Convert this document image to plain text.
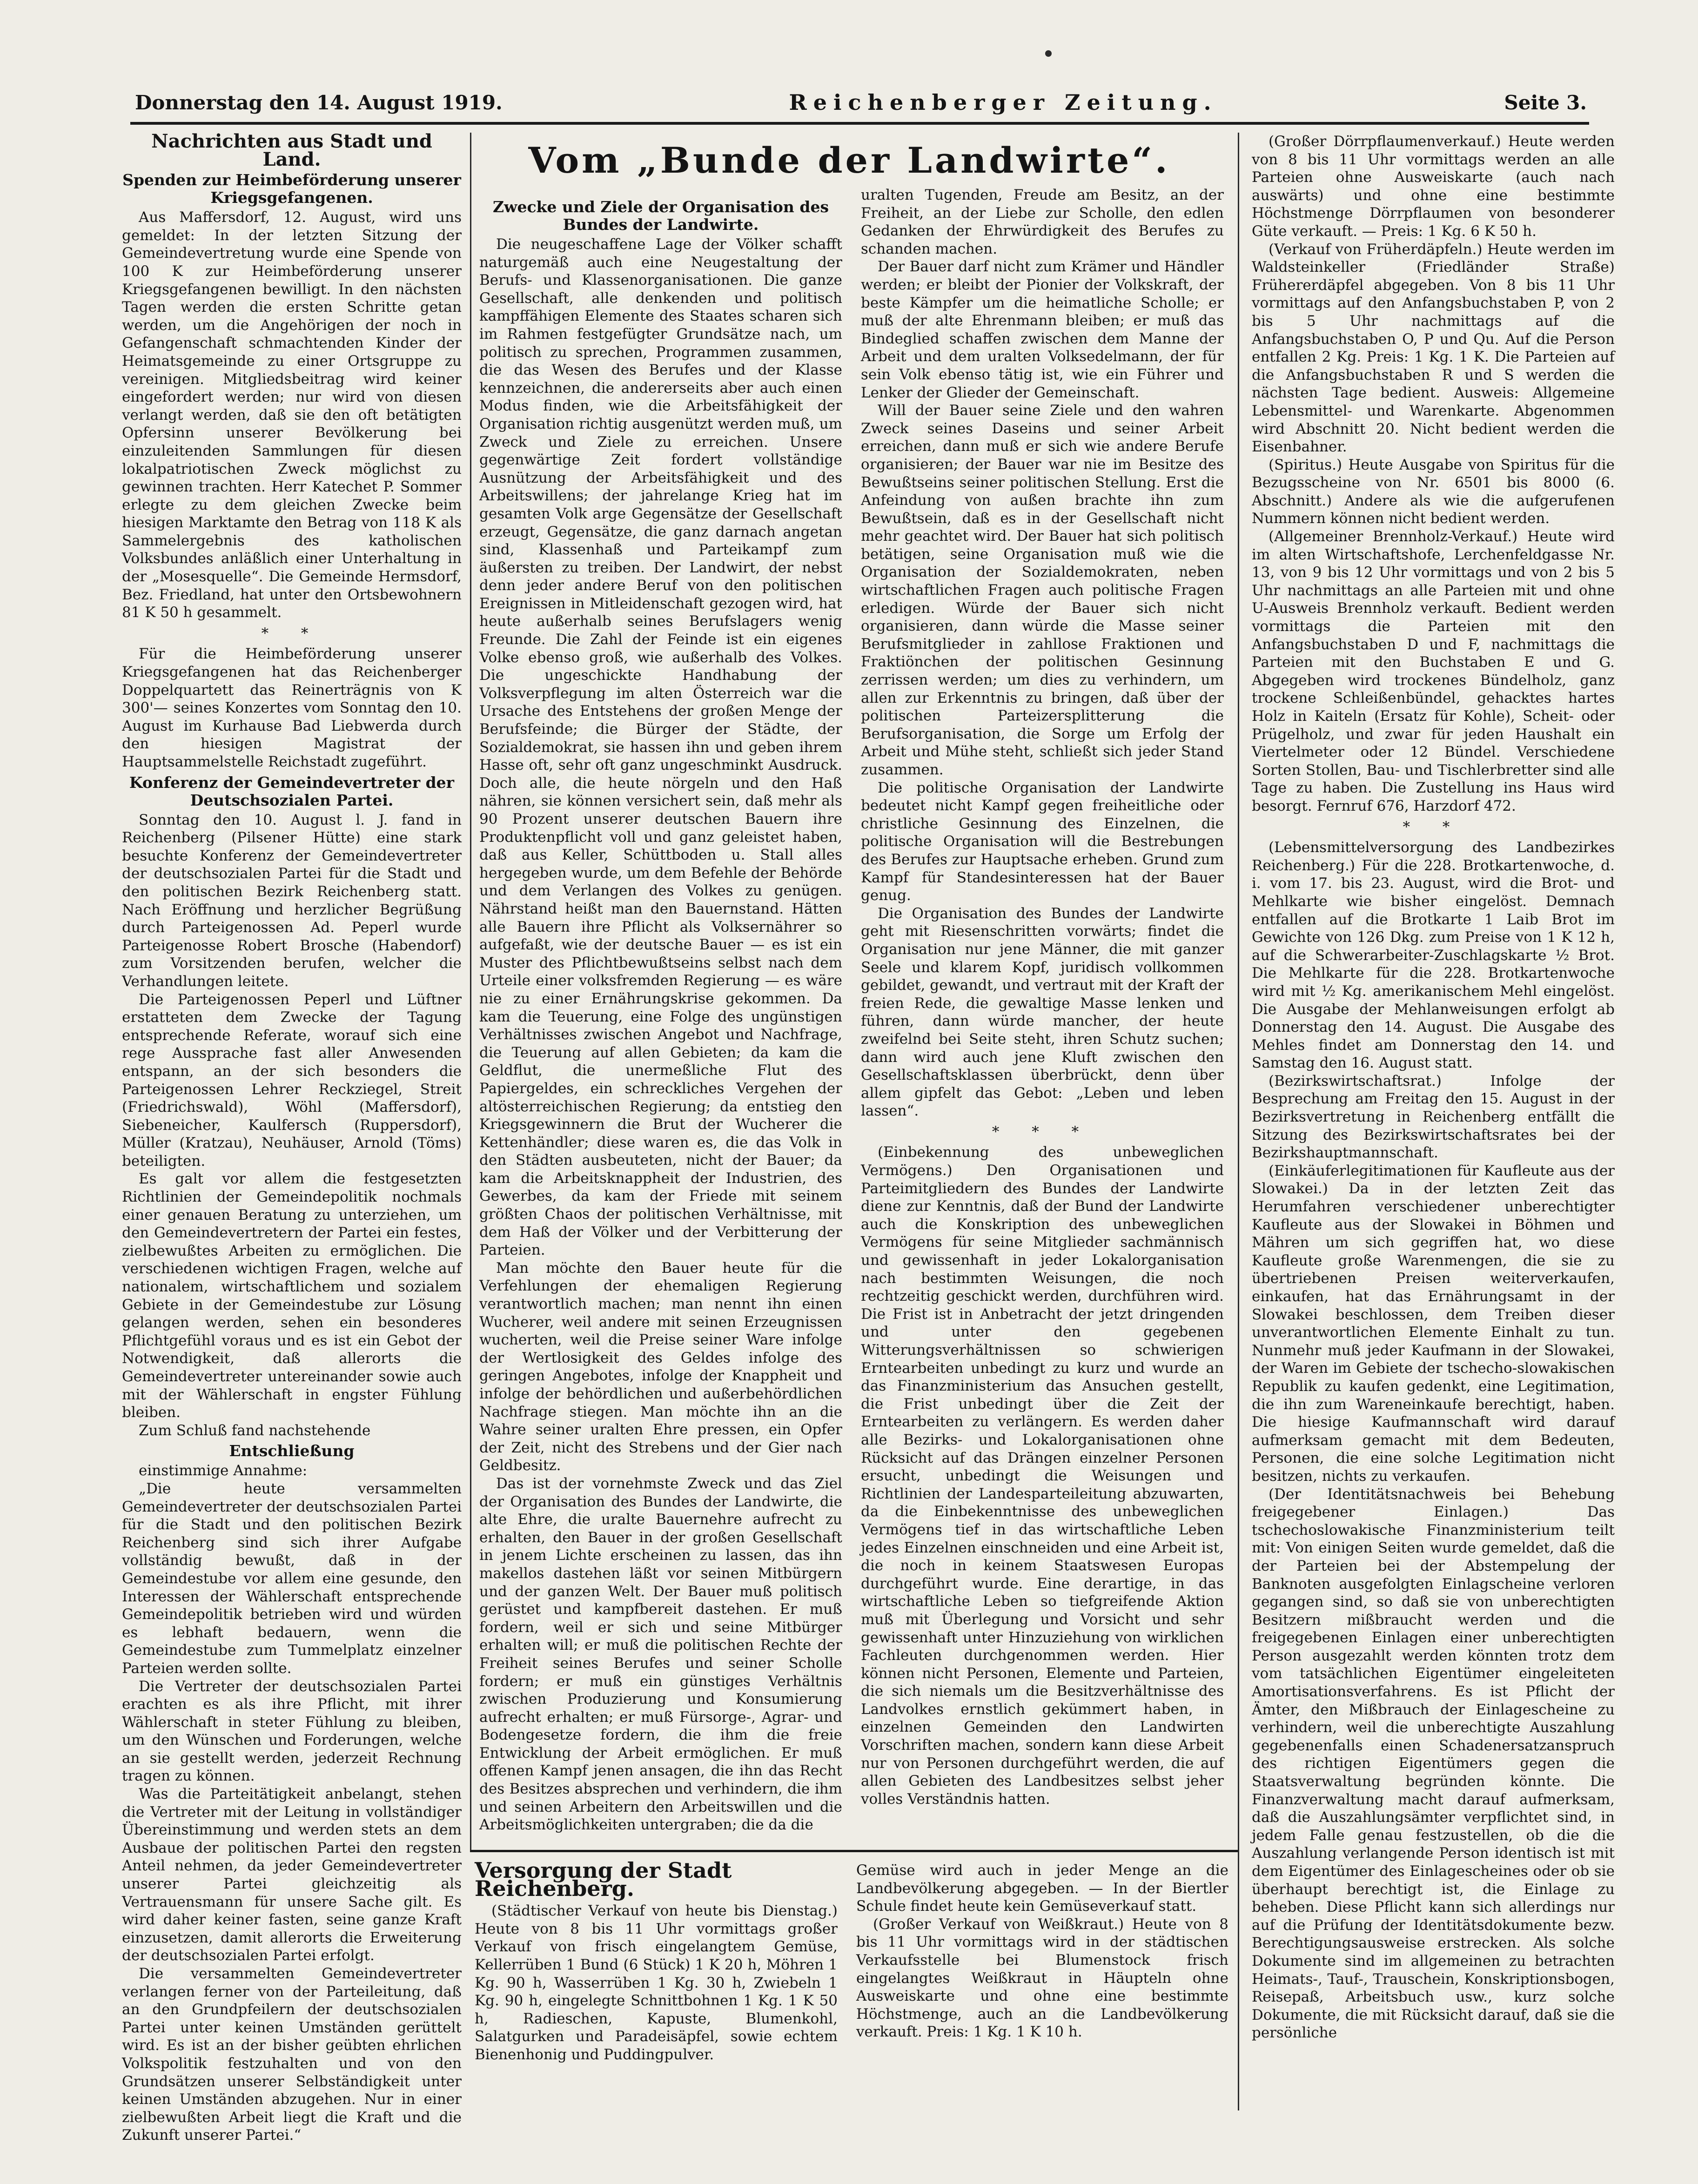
Donnerstag den 14. August 1919.	Reichenberger Zeitung.	Seite 3.
Nachrichten aus Stadt und Land.
Spenden zur Heimbeförderung unserer Kriegsgefangenen.

Aus Maffersdorf, 12. August, wird uns gemeldet: In der letzten Sitzung der Gemeindevertretung wurde eine Spende von 100 K zur Heimbeförderung unserer Kriegsgefangenen bewilligt. In den nächsten Tagen werden die ersten Schritte getan werden, um die Angehörigen der noch in Gefangenschaft schmachtenden Kinder der Heimatsgemeinde zu einer Ortsgruppe zu vereinigen. Mitgliedsbeitrag wird keiner eingefordert werden; nur wird von diesen verlangt werden, daß sie den oft betätigten Opfersinn unserer Bevölkerung bei einzuleitenden Sammlungen für diesen lokalpatriotischen Zweck möglichst zu gewinnen trachten. Herr Katechet P. Sommer erlegte zu dem gleichen Zwecke beim hiesigen Marktamte den Betrag von 118 K als Sammelergebnis des katholischen Volksbundes anläßlich einer Unterhaltung in der „Mosesquelle“. Die Gemeinde Hermsdorf, Bez. Friedland, hat unter den Ortsbewohnern 81 K 50 h gesammelt.

* *

Für die Heimbeförderung unserer Kriegsgefangenen hat das Reichenberger Doppelquartett das Reinerträgnis von K 300'— seines Konzertes vom Sonntag den 10. August im Kurhause Bad Liebwerda durch den hiesigen Magistrat der Hauptsammelstelle Reichstadt zugeführt.

Konferenz der Gemeindevertreter der Deutschsozialen Partei.

Sonntag den 10. August l. J. fand in Reichenberg (Pilsener Hütte) eine stark besuchte Konferenz der Gemeindevertreter der deutschsozialen Partei für die Stadt und den politischen Bezirk Reichenberg statt. Nach Eröffnung und herzlicher Begrüßung durch Parteigenossen Ad. Peperl wurde Parteigenosse Robert Brosche (Habendorf) zum Vorsitzenden berufen, welcher die Verhandlungen leitete.

Die Parteigenossen Peperl und Lüftner erstatteten dem Zwecke der Tagung entsprechende Referate, worauf sich eine rege Aussprache fast aller Anwesenden entspann, an der sich besonders die Parteigenossen Lehrer Reckziegel, Streit (Friedrichswald), Wöhl (Maffersdorf), Siebeneicher, Kaulfersch (Ruppersdorf), Müller (Kratzau), Neuhäuser, Arnold (Töms) beteiligten.

Es galt vor allem die festgesetzten Richtlinien der Gemeindepolitik nochmals einer genauen Beratung zu unterziehen, um den Gemeindevertretern der Partei ein festes, zielbewußtes Arbeiten zu ermöglichen. Die verschiedenen wichtigen Fragen, welche auf nationalem, wirtschaftlichem und sozialem Gebiete in der Gemeindestube zur Lösung gelangen werden, sehen ein besonderes Pflichtgefühl voraus und es ist ein Gebot der Notwendigkeit, daß allerorts die Gemeindevertreter untereinander sowie auch mit der Wählerschaft in engster Fühlung bleiben.

Zum Schluß fand nachstehende

Entschließung

einstimmige Annahme:

„Die heute versammelten Gemeindevertreter der deutschsozialen Partei für die Stadt und den politischen Bezirk Reichenberg sind sich ihrer Aufgabe vollständig bewußt, daß in der Gemeindestube vor allem eine gesunde, den Interessen der Wählerschaft entsprechende Gemeindepolitik betrieben wird und würden es lebhaft bedauern, wenn die Gemeindestube zum Tummelplatz einzelner Parteien werden sollte.

Die Vertreter der deutschsozialen Partei erachten es als ihre Pflicht, mit ihrer Wählerschaft in steter Fühlung zu bleiben, um den Wünschen und Forderungen, welche an sie gestellt werden, jederzeit Rechnung tragen zu können.

Was die Parteitätigkeit anbelangt, stehen die Vertreter mit der Leitung in vollständiger Übereinstimmung und werden stets an dem Ausbaue der politischen Partei den regsten Anteil nehmen, da jeder Gemeindevertreter unserer Partei gleichzeitig als Vertrauensmann für unsere Sache gilt. Es wird daher keiner fasten, seine ganze Kraft einzusetzen, damit allerorts die Erweiterung der deutschsozialen Partei erfolgt.

Die versammelten Gemeindevertreter verlangen ferner von der Parteileitung, daß an den Grundpfeilern der deutschsozialen Partei unter keinen Umständen gerüttelt wird. Es ist an der bisher geübten ehrlichen Volkspolitik festzuhalten und von den Grundsätzen unserer Selbständigkeit unter keinen Umständen abzugehen. Nur in einer zielbewußten Arbeit liegt die Kraft und die Zukunft unserer Partei.“

Vom „Bunde der Landwirte“.
Zwecke und Ziele der Organisation des Bundes der Landwirte.

Die neugeschaffene Lage der Völker schafft naturgemäß auch eine Neugestaltung der Berufs- und Klassenorganisationen. Die ganze Gesellschaft, alle denkenden und politisch kampffähigen Elemente des Staates scharen sich im Rahmen festgefügter Grundsätze nach, um politisch zu sprechen, Programmen zusammen, die das Wesen des Berufes und der Klasse kennzeichnen, die andererseits aber auch einen Modus finden, wie die Arbeitsfähigkeit der Organisation richtig ausgenützt werden muß, um Zweck und Ziele zu erreichen. Unsere gegenwärtige Zeit fordert vollständige Ausnützung der Arbeitsfähigkeit und des Arbeitswillens; der jahrelange Krieg hat im gesamten Volk arge Gegensätze der Gesellschaft erzeugt, Gegensätze, die ganz darnach angetan sind, Klassenhaß und Parteikampf zum äußersten zu treiben. Der Landwirt, der nebst denn jeder andere Beruf von den politischen Ereignissen in Mitleidenschaft gezogen wird, hat heute außerhalb seines Berufslagers wenig Freunde. Die Zahl der Feinde ist ein eigenes Volke ebenso groß, wie außerhalb des Volkes. Die ungeschickte Handhabung der Volksverpflegung im alten Österreich war die Ursache des Entstehens der großen Menge der Berufsfeinde; die Bürger der Städte, der Sozialdemokrat, sie hassen ihn und geben ihrem Hasse oft, sehr oft ganz ungeschminkt Ausdruck. Doch alle, die heute nörgeln und den Haß nähren, sie können versichert sein, daß mehr als 90 Prozent unserer deutschen Bauern ihre Produktenpflicht voll und ganz geleistet haben, daß aus Keller, Schüttboden u. Stall alles hergegeben wurde, um dem Befehle der Behörde und dem Verlangen des Volkes zu genügen. Nährstand heißt man den Bauernstand. Hätten alle Bauern ihre Pflicht als Volksernährer so aufgefaßt, wie der deutsche Bauer — es ist ein Muster des Pflichtbewußtseins selbst nach dem Urteile einer volksfremden Regierung — es wäre nie zu einer Ernährungskrise gekommen. Da kam die Teuerung, eine Folge des ungünstigen Verhältnisses zwischen Angebot und Nachfrage, die Teuerung auf allen Gebieten; da kam die Geldflut, die unermeßliche Flut des Papiergeldes, ein schreckliches Vergehen der altösterreichischen Regierung; da entstieg den Kriegsgewinnern die Brut der Wucherer die Kettenhändler; diese waren es, die das Volk in den Städten ausbeuteten, nicht der Bauer; da kam die Arbeitsknappheit der Industrien, des Gewerbes, da kam der Friede mit seinem größten Chaos der politischen Verhältnisse, mit dem Haß der Völker und der Verbitterung der Parteien.

Man möchte den Bauer heute für die Verfehlungen der ehemaligen Regierung verantwortlich machen; man nennt ihn einen Wucherer, weil andere mit seinen Erzeugnissen wucherten, weil die Preise seiner Ware infolge der Wertlosigkeit des Geldes infolge des geringen Angebotes, infolge der Knappheit und infolge der behördlichen und außerbehördlichen Nachfrage stiegen. Man möchte ihn an die Wahre seiner uralten Ehre pressen, ein Opfer der Zeit, nicht des Strebens und der Gier nach Geldbesitz.

Das ist der vornehmste Zweck und das Ziel der Organisation des Bundes der Landwirte, die alte Ehre, die uralte Bauernehre aufrecht zu erhalten, den Bauer in der großen Gesellschaft in jenem Lichte erscheinen zu lassen, das ihn makellos dastehen läßt vor seinen Mitbürgern und der ganzen Welt. Der Bauer muß politisch gerüstet und kampfbereit dastehen. Er muß fordern, weil er sich und seine Mitbürger erhalten will; er muß die politischen Rechte der Freiheit seines Berufes und seiner Scholle fordern; er muß ein günstiges Verhältnis zwischen Produzierung und Konsumierung aufrecht erhalten; er muß Fürsorge-, Agrar- und Bodengesetze fordern, die ihm die freie Entwicklung der Arbeit ermöglichen. Er muß offenen Kampf jenen ansagen, die ihn das Recht des Besitzes absprechen und verhindern, die ihm und seinen Arbeitern den Arbeitswillen und die Arbeitsmöglichkeiten untergraben; die da die

uralten Tugenden, Freude am Besitz, an der Freiheit, an der Liebe zur Scholle, den edlen Gedanken der Ehrwürdigkeit des Berufes zu schanden machen.

Der Bauer darf nicht zum Krämer und Händler werden; er bleibt der Pionier der Volkskraft, der beste Kämpfer um die heimatliche Scholle; er muß der alte Ehrenmann bleiben; er muß das Bindeglied schaffen zwischen dem Manne der Arbeit und dem uralten Volksedelmann, der für sein Volk ebenso tätig ist, wie ein Führer und Lenker der Glieder der Gemeinschaft.

Will der Bauer seine Ziele und den wahren Zweck seines Daseins und seiner Arbeit erreichen, dann muß er sich wie andere Berufe organisieren; der Bauer war nie im Besitze des Bewußtseins seiner politischen Stellung. Erst die Anfeindung von außen brachte ihn zum Bewußtsein, daß es in der Gesellschaft nicht mehr geachtet wird. Der Bauer hat sich politisch betätigen, seine Organisation muß wie die Organisation der Sozialdemokraten, neben wirtschaftlichen Fragen auch politische Fragen erledigen. Würde der Bauer sich nicht organisieren, dann würde die Masse seiner Berufsmitglieder in zahllose Fraktionen und Fraktiönchen der politischen Gesinnung zerrissen werden; um dies zu verhindern, um allen zur Erkenntnis zu bringen, daß über der politischen Parteizersplitterung die Berufsorganisation, die Sorge um Erfolg der Arbeit und Mühe steht, schließt sich jeder Stand zusammen.

Die politische Organisation der Landwirte bedeutet nicht Kampf gegen freiheitliche oder christliche Gesinnung des Einzelnen, die politische Organisation will die Bestrebungen des Berufes zur Hauptsache erheben. Grund zum Kampf für Standesinteressen hat der Bauer genug.

Die Organisation des Bundes der Landwirte geht mit Riesenschritten vorwärts; findet die Organisation nur jene Männer, die mit ganzer Seele und klarem Kopf, juridisch vollkommen gebildet, gewandt, und vertraut mit der Kraft der freien Rede, die gewaltige Masse lenken und führen, dann würde mancher, der heute zweifelnd bei Seite steht, ihren Schutz suchen; dann wird auch jene Kluft zwischen den Gesellschaftsklassen überbrückt, denn über allem gipfelt das Gebot: „Leben und leben lassen“.

* * *

(Einbekennung des unbeweglichen Vermögens.) Den Organisationen und Parteimitgliedern des Bundes der Landwirte diene zur Kenntnis, daß der Bund der Landwirte auch die Konskription des unbeweglichen Vermögens für seine Mitglieder sachmännisch und gewissenhaft in jeder Lokalorganisation nach bestimmten Weisungen, die noch rechtzeitig geschickt werden, durchführen wird. Die Frist ist in Anbetracht der jetzt dringenden und unter den gegebenen Witterungsverhältnissen so schwierigen Erntearbeiten unbedingt zu kurz und wurde an das Finanzministerium das Ansuchen gestellt, die Frist unbedingt über die Zeit der Erntearbeiten zu verlängern. Es werden daher alle Bezirks- und Lokalorganisationen ohne Rücksicht auf das Drängen einzelner Personen ersucht, unbedingt die Weisungen und Richtlinien der Landesparteileitung abzuwarten, da die Einbekenntnisse des unbeweglichen Vermögens tief in das wirtschaftliche Leben jedes Einzelnen einschneiden und eine Arbeit ist, die noch in keinem Staatswesen Europas durchgeführt wurde. Eine derartige, in das wirtschaftliche Leben so tiefgreifende Aktion muß mit Überlegung und Vorsicht und sehr gewissenhaft unter Hinzuziehung von wirklichen Fachleuten durchgenommen werden. Hier können nicht Personen, Elemente und Parteien, die sich niemals um die Besitzverhältnisse des Landvolkes ernstlich gekümmert haben, in einzelnen Gemeinden den Landwirten Vorschriften machen, sondern kann diese Arbeit nur von Personen durchgeführt werden, die auf allen Gebieten des Landbesitzes selbst jeher volles Verständnis hatten.

(Großer Dörrpflaumenverkauf.) Heute werden von 8 bis 11 Uhr vormittags werden an alle Parteien ohne Ausweiskarte (auch nach auswärts) und ohne eine bestimmte Höchstmenge Dörrpflaumen von besonderer Güte verkauft. — Preis: 1 Kg. 6 K 50 h.

(Verkauf von Früherdäpfeln.) Heute werden im Waldsteinkeller (Friedländer Straße) Frühererdäpfel abgegeben. Von 8 bis 11 Uhr vormittags auf den Anfangsbuchstaben P, von 2 bis 5 Uhr nachmittags auf die Anfangsbuchstaben O, P und Qu. Auf die Person entfallen 2 Kg. Preis: 1 Kg. 1 K. Die Parteien auf die Anfangsbuchstaben R und S werden die nächsten Tage bedient. Ausweis: Allgemeine Lebensmittel- und Warenkarte. Abgenommen wird Abschnitt 20. Nicht bedient werden die Eisenbahner.

(Spiritus.) Heute Ausgabe von Spiritus für die Bezugsscheine von Nr. 6501 bis 8000 (6. Abschnitt.) Andere als wie die aufgerufenen Nummern können nicht bedient werden.

(Allgemeiner Brennholz-Verkauf.) Heute wird im alten Wirtschaftshofe, Lerchenfeldgasse Nr. 13, von 9 bis 12 Uhr vormittags und von 2 bis 5 Uhr nachmittags an alle Parteien mit und ohne U-Ausweis Brennholz verkauft. Bedient werden vormittags die Parteien mit den Anfangsbuchstaben D und F, nachmittags die Parteien mit den Buchstaben E und G. Abgegeben wird trockenes Bündelholz, ganz trockene Schleißenbündel, gehacktes hartes Holz in Kaiteln (Ersatz für Kohle), Scheit- oder Prügelholz, und zwar für jeden Haushalt ein Viertelmeter oder 12 Bündel. Verschiedene Sorten Stollen, Bau- und Tischlerbretter sind alle Tage zu haben. Die Zustellung ins Haus wird besorgt. Fernruf 676, Harzdorf 472.

* *

(Lebensmittelversorgung des Landbezirkes Reichenberg.) Für die 228. Brotkartenwoche, d. i. vom 17. bis 23. August, wird die Brot- und Mehlkarte wie bisher eingelöst. Demnach entfallen auf die Brotkarte 1 Laib Brot im Gewichte von 126 Dkg. zum Preise von 1 K 12 h, auf die Schwerarbeiter-Zuschlagskarte ½ Brot. Die Mehlkarte für die 228. Brotkartenwoche wird mit ½ Kg. amerikanischem Mehl eingelöst. Die Ausgabe der Mehlanweisungen erfolgt ab Donnerstag den 14. August. Die Ausgabe des Mehles findet am Donnerstag den 14. und Samstag den 16. August statt.

(Bezirkswirtschaftsrat.) Infolge der Besprechung am Freitag den 15. August in der Bezirksvertretung in Reichenberg entfällt die Sitzung des Bezirkswirtschaftsrates bei der Bezirkshauptmannschaft.

(Einkäuferlegitimationen für Kaufleute aus der Slowakei.) Da in der letzten Zeit das Herumfahren verschiedener unberechtigter Kaufleute aus der Slowakei in Böhmen und Mähren um sich gegriffen hat, wo diese Kaufleute große Warenmengen, die sie zu übertriebenen Preisen weiterverkaufen, einkaufen, hat das Ernährungsamt in der Slowakei beschlossen, dem Treiben dieser unverantwortlichen Elemente Einhalt zu tun. Nunmehr muß jeder Kaufmann in der Slowakei, der Waren im Gebiete der tschecho-slowakischen Republik zu kaufen gedenkt, eine Legitimation, die ihn zum Wareneinkaufe berechtigt, haben. Die hiesige Kaufmannschaft wird darauf aufmerksam gemacht mit dem Bedeuten, Personen, die eine solche Legitimation nicht besitzen, nichts zu verkaufen.

(Der Identitätsnachweis bei Behebung freigegebener Einlagen.) Das tschechoslowakische Finanzministerium teilt mit: Von einigen Seiten wurde gemeldet, daß die der Parteien bei der Abstempelung der Banknoten ausgefolgten Einlagscheine verloren gegangen sind, so daß sie von unberechtigten Besitzern mißbraucht werden und die freigegebenen Einlagen einer unberechtigten Person ausgezahlt werden könnten trotz dem vom tatsächlichen Eigentümer eingeleiteten Amortisationsverfahrens. Es ist Pflicht der Ämter, den Mißbrauch der Einlagescheine zu verhindern, weil die unberechtigte Auszahlung gegebenenfalls einen Schadenersatzanspruch des richtigen Eigentümers gegen die Staatsverwaltung begründen könnte. Die Finanzverwaltung macht darauf aufmerksam, daß die Auszahlungsämter verpflichtet sind, in jedem Falle genau festzustellen, ob die die Auszahlung verlangende Person identisch ist mit dem Eigentümer des Einlagescheines oder ob sie überhaupt berechtigt ist, die Einlage zu beheben. Diese Pflicht kann sich allerdings nur auf die Prüfung der Identitätsdokumente bezw. Berechtigungsausweise erstrecken. Als solche Dokumente sind im allgemeinen zu betrachten Heimats-, Tauf-, Trauschein, Konskriptionsbogen, Reisepaß, Arbeitsbuch usw., kurz solche Dokumente, die mit Rücksicht darauf, daß sie die persönliche

Versorgung der Stadt Reichenberg.

(Städtischer Verkauf von heute bis Dienstag.) Heute von 8 bis 11 Uhr vormittags großer Verkauf von frisch eingelangtem Gemüse, Kellerrüben 1 Bund (6 Stück) 1 K 20 h, Möhren 1 Kg. 90 h, Wasserrüben 1 Kg. 30 h, Zwiebeln 1 Kg. 90 h, eingelegte Schnittbohnen 1 Kg. 1 K 50 h, Radieschen, Kapuste, Blumenkohl, Salatgurken und Paradeisäpfel, sowie echtem Bienenhonig und Puddingpulver.

Gemüse wird auch in jeder Menge an die Landbevölkerung abgegeben. — In der Biertler Schule findet heute kein Gemüseverkauf statt.

(Großer Verkauf von Weißkraut.) Heute von 8 bis 11 Uhr vormittags wird in der städtischen Verkaufsstelle bei Blumenstock frisch eingelangtes Weißkraut in Häupteln ohne Ausweiskarte und ohne eine bestimmte Höchstmenge, auch an die Landbevölkerung verkauft. Preis: 1 Kg. 1 K 10 h.
